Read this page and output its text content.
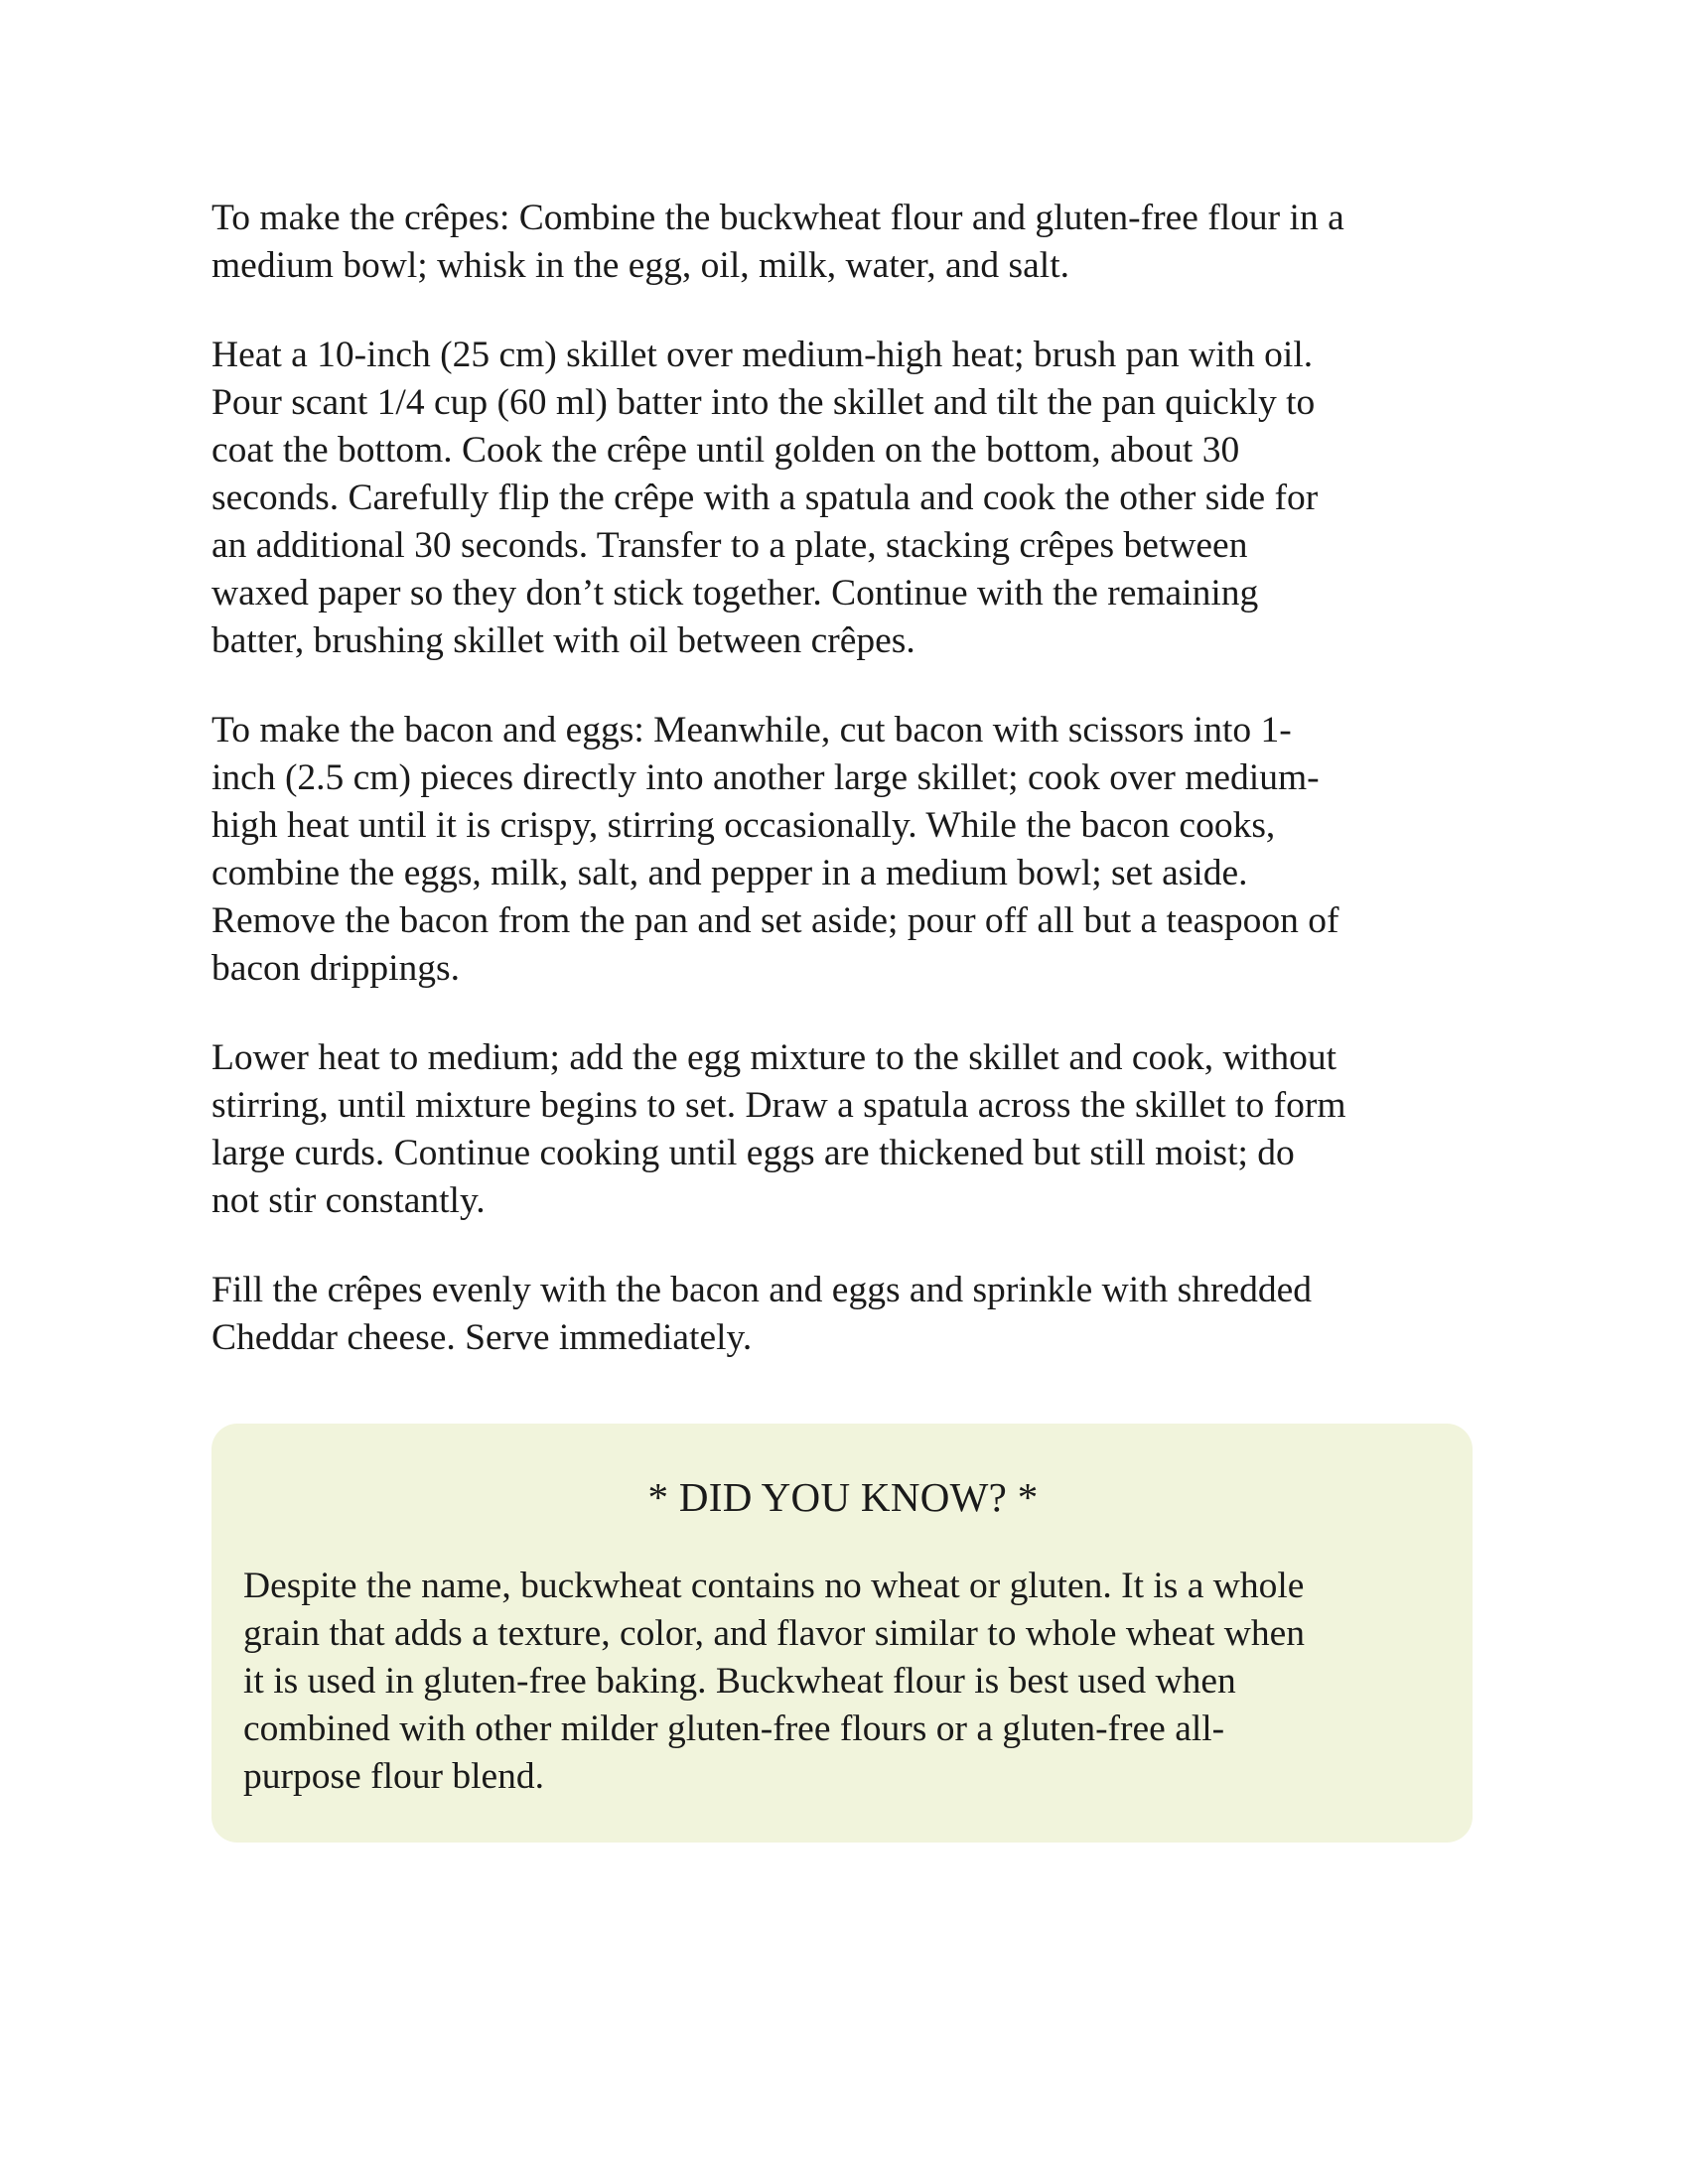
To make the crêpes: Combine the buckwheat flour and gluten-free flour in a
medium bowl; whisk in the egg, oil, milk, water, and salt.

Heat a 10-inch (25 cm) skillet over medium-high heat; brush pan with oil.
Pour scant 1/4 cup (60 ml) batter into the skillet and tilt the pan quickly to
coat the bottom. Cook the crêpe until golden on the bottom, about 30
seconds. Carefully flip the crêpe with a spatula and cook the other side for
an additional 30 seconds. Transfer to a plate, stacking crêpes between
waxed paper so they don’t stick together. Continue with the remaining
batter, brushing skillet with oil between crêpes.

To make the bacon and eggs: Meanwhile, cut bacon with scissors into 1-
inch (2.5 cm) pieces directly into another large skillet; cook over medium-
high heat until it is crispy, stirring occasionally. While the bacon cooks,
combine the eggs, milk, salt, and pepper in a medium bowl; set aside.
Remove the bacon from the pan and set aside; pour off all but a teaspoon of
bacon drippings.

Lower heat to medium; add the egg mixture to the skillet and cook, without
stirring, until mixture begins to set. Draw a spatula across the skillet to form
large curds. Continue cooking until eggs are thickened but still moist; do
not stir constantly.

Fill the crêpes evenly with the bacon and eggs and sprinkle with shredded
Cheddar cheese. Serve immediately.

* DID YOU KNOW? *

Despite the name, buckwheat contains no wheat or gluten. It is a whole
grain that adds a texture, color, and flavor similar to whole wheat when
it is used in gluten-free baking. Buckwheat flour is best used when
combined with other milder gluten-free flours or a gluten-free all-
purpose flour blend.
